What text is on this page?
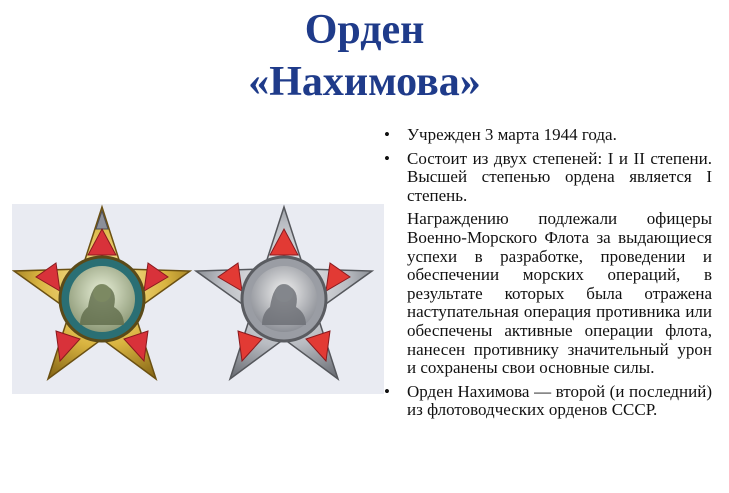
Орден
«Нахимова»
• Учрежден 3 марта 1944 года.
• Состоит из двух степеней: I и II степени. Высшей степенью ордена является I степень.
Награждению подлежали офицеры Военно-Морского Флота за выдающиеся успехи в разработке, проведении и обеспечении морских операций, в результате которых была отражена наступательная операция противника или обеспечены активные операции флота, нанесен противнику значительный урон и сохранены свои основные силы.
• Орден Нахимова — второй (и последний) из флотоводческих орденов СССР.
